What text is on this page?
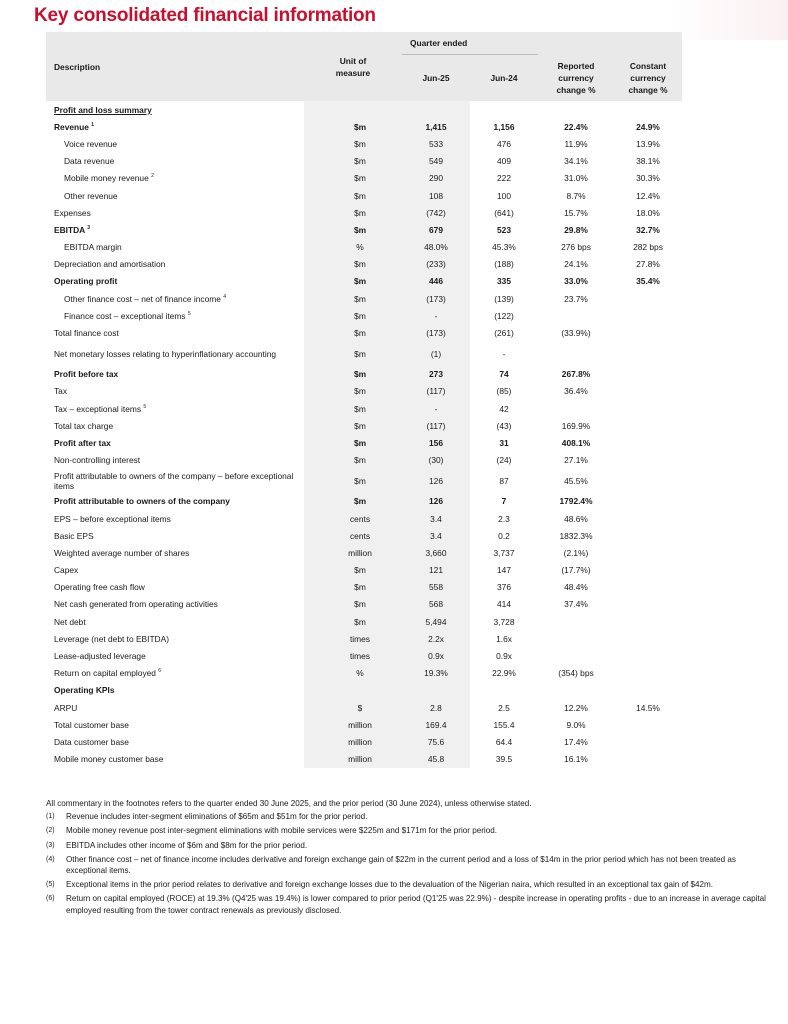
Key consolidated financial information
Description	Unit of measure	Quarter ended			
		Jun-25	Jun-24	Reported currency change %	Constant currency change %
Profit and loss summary					
Revenue $^1$	$m	1,415	1,156	22.4%	24.9%
Voice revenue	$m	533	476	11.9%	13.9%
Data revenue	$m	549	409	34.1%	38.1%
Mobile money revenue $^2$	$m	290	222	31.0%	30.3%
Other revenue	$m	108	100	8.7%	12.4%
Expenses	$m	(742)	(641)	15.7%	18.0%
EBITDA $^3$	$m	679	523	29.8%	32.7%
EBITDA margin	%	48.0%	45.3%	276 bps	282 bps
Depreciation and amortisation	$m	(233)	(188)	24.1%	27.8%
Operating profit	$m	446	335	33.0%	35.4%
Other finance cost – net of finance income $^4$	$m	(173)	(139)	23.7%	
Finance cost – exceptional items $^5$	$m	-	(122)		
Total finance cost	$m	(173)	(261)	(33.9%)	
Net monetary losses relating to hyperinflationary accounting	$m	(1)	-		
Profit before tax	$m	273	74	267.8%	
Tax	$m	(117)	(85)	36.4%	
Tax – exceptional items $^5$	$m	-	42		
Total tax charge	$m	(117)	(43)	169.9%	
Profit after tax	$m	156	31	408.1%	
Non-controlling interest	$m	(30)	(24)	27.1%	
Profit attributable to owners of the company – before exceptional items	$m	126	87	45.5%	
Profit attributable to owners of the company	$m	126	7	1792.4%	
EPS – before exceptional items	cents	3.4	2.3	48.6%	
Basic EPS	cents	3.4	0.2	1832.3%	
Weighted average number of shares	million	3,660	3,737	(2.1%)	
Capex	$m	121	147	(17.7%)	
Operating free cash flow	$m	558	376	48.4%	
Net cash generated from operating activities	$m	568	414	37.4%	
Net debt	$m	5,494	3,728		
Leverage (net debt to EBITDA)	times	2.2x	1.6x		
Lease-adjusted leverage	times	0.9x	0.9x		
Return on capital employed $^6$	%	19.3%	22.9%	(354) bps	
Operating KPIs					
ARPU	$	2.8	2.5	12.2%	14.5%
Total customer base	million	169.4	155.4	9.0%	
Data customer base	million	75.6	64.4	17.4%	
Mobile money customer base	million	45.8	39.5	16.1%	
All commentary in the footnotes refers to the quarter ended 30 June 2025, and the prior period (30 June 2024), unless otherwise stated.
(1) Revenue includes inter-segment eliminations of $65m and $51m for the prior period.
(2) Mobile money revenue post inter-segment eliminations with mobile services were $225m and $171m for the prior period.
(3) EBITDA includes other income of $6m and $8m for the prior period.
(4) Other finance cost – net of finance income includes derivative and foreign exchange gain of $22m in the current period and a loss of $14m in the prior period which has not been treated as exceptional items.
(5) Exceptional items in the prior period relates to derivative and foreign exchange losses due to the devaluation of the Nigerian naira, which resulted in an exceptional tax gain of $42m.
(6) Return on capital employed (ROCE) at 19.3% (Q4'25 was 19.4%) is lower compared to prior period (Q1'25 was 22.9%) - despite increase in operating profits - due to an increase in average capital employed resulting from the tower contract renewals as previously disclosed.
